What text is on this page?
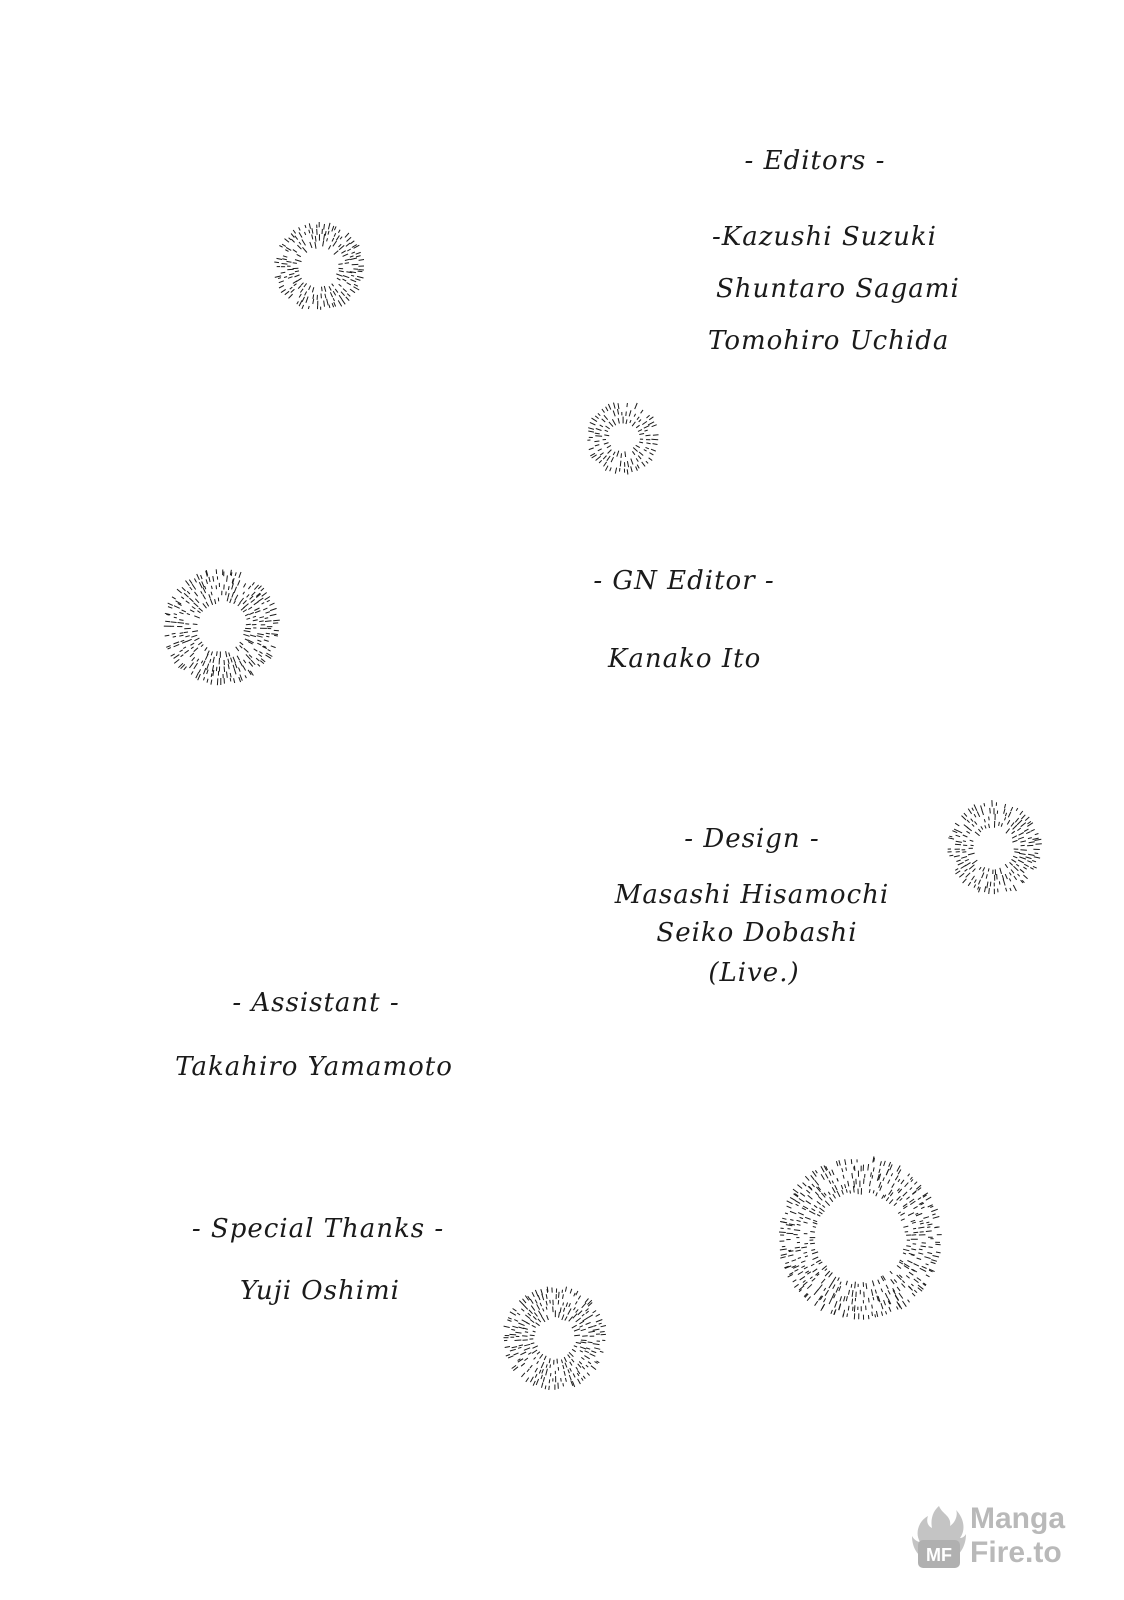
- Editors -
-Kazushi Suzuki
Shuntaro Sagami
Tomohiro Uchida
- GN Editor -
Kanako Ito
- Design -
Masashi Hisamochi
Seiko Dobashi
(Live.)
- Assistant -
Takahiro Yamamoto
- Special Thanks -
Yuji Oshimi
MF
Manga
Fire.to
